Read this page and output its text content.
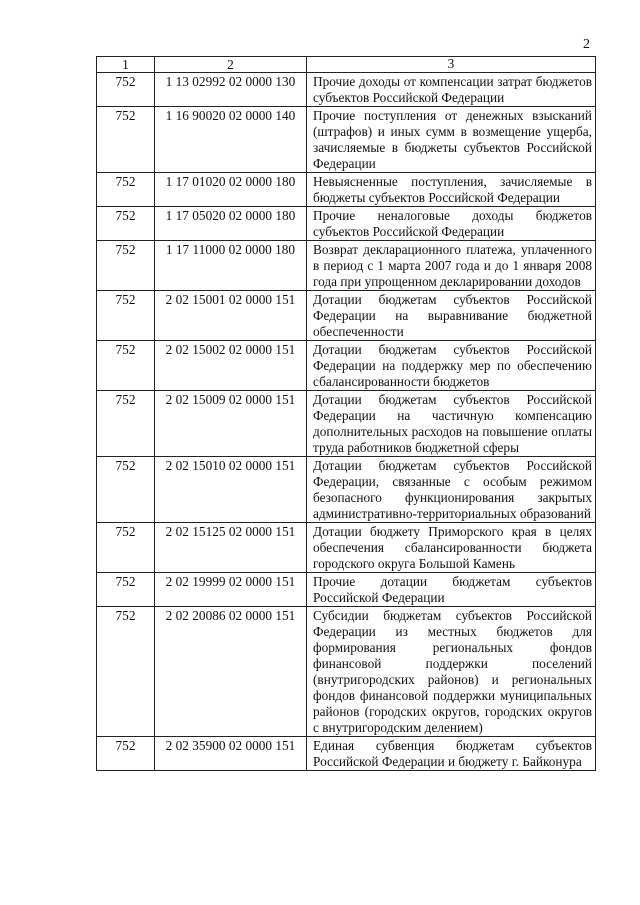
2
1	2	3
752	1 13 02992 02 0000 130	Прочие доходы от компенсации затрат бюджетов субъектов Российской Федерации
752	1 16 90020 02 0000 140	Прочие поступления от денежных взысканий (штрафов) и иных сумм в возмещение ущерба, зачисляемые в бюджеты субъектов Российской Федерации
752	1 17 01020 02 0000 180	Невыясненные поступления, зачисляемые в бюджеты субъектов Российской Федерации
752	1 17 05020 02 0000 180	Прочие неналоговые доходы бюджетов субъектов Российской Федерации
752	1 17 11000 02 0000 180	Возврат декларационного платежа, уплаченного в период с 1 марта 2007 года и до 1 января 2008 года при упрощенном декларировании доходов
752	2 02 15001 02 0000 151	Дотации бюджетам субъектов Российской Федерации на выравнивание бюджетной обеспеченности
752	2 02 15002 02 0000 151	Дотации бюджетам субъектов Российской Федерации на поддержку мер по обеспечению сбалансированности бюджетов
752	2 02 15009 02 0000 151	Дотации бюджетам субъектов Российской Федерации на частичную компенсацию дополнительных расходов на повышение оплаты труда работников бюджетной сферы
752	2 02 15010 02 0000 151	Дотации бюджетам субъектов Российской Федерации, связанные с особым режимом безопасного функционирования закрытых административно-территориальных образований
752	2 02 15125 02 0000 151	Дотации бюджету Приморского края в целях обеспечения сбалансированности бюджета городского округа Большой Камень
752	2 02 19999 02 0000 151	Прочие дотации бюджетам субъектов Российской Федерации
752	2 02 20086 02 0000 151	Субсидии бюджетам субъектов Российской Федерации из местных бюджетов для формирования региональных фондов финансовой поддержки поселений (внутригородских районов) и региональных фондов финансовой поддержки муниципальных районов (городских округов, городских округов с внутригородским делением)
752	2 02 35900 02 0000 151	Единая субвенция бюджетам субъектов Российской Федерации и бюджету г. Байконура
